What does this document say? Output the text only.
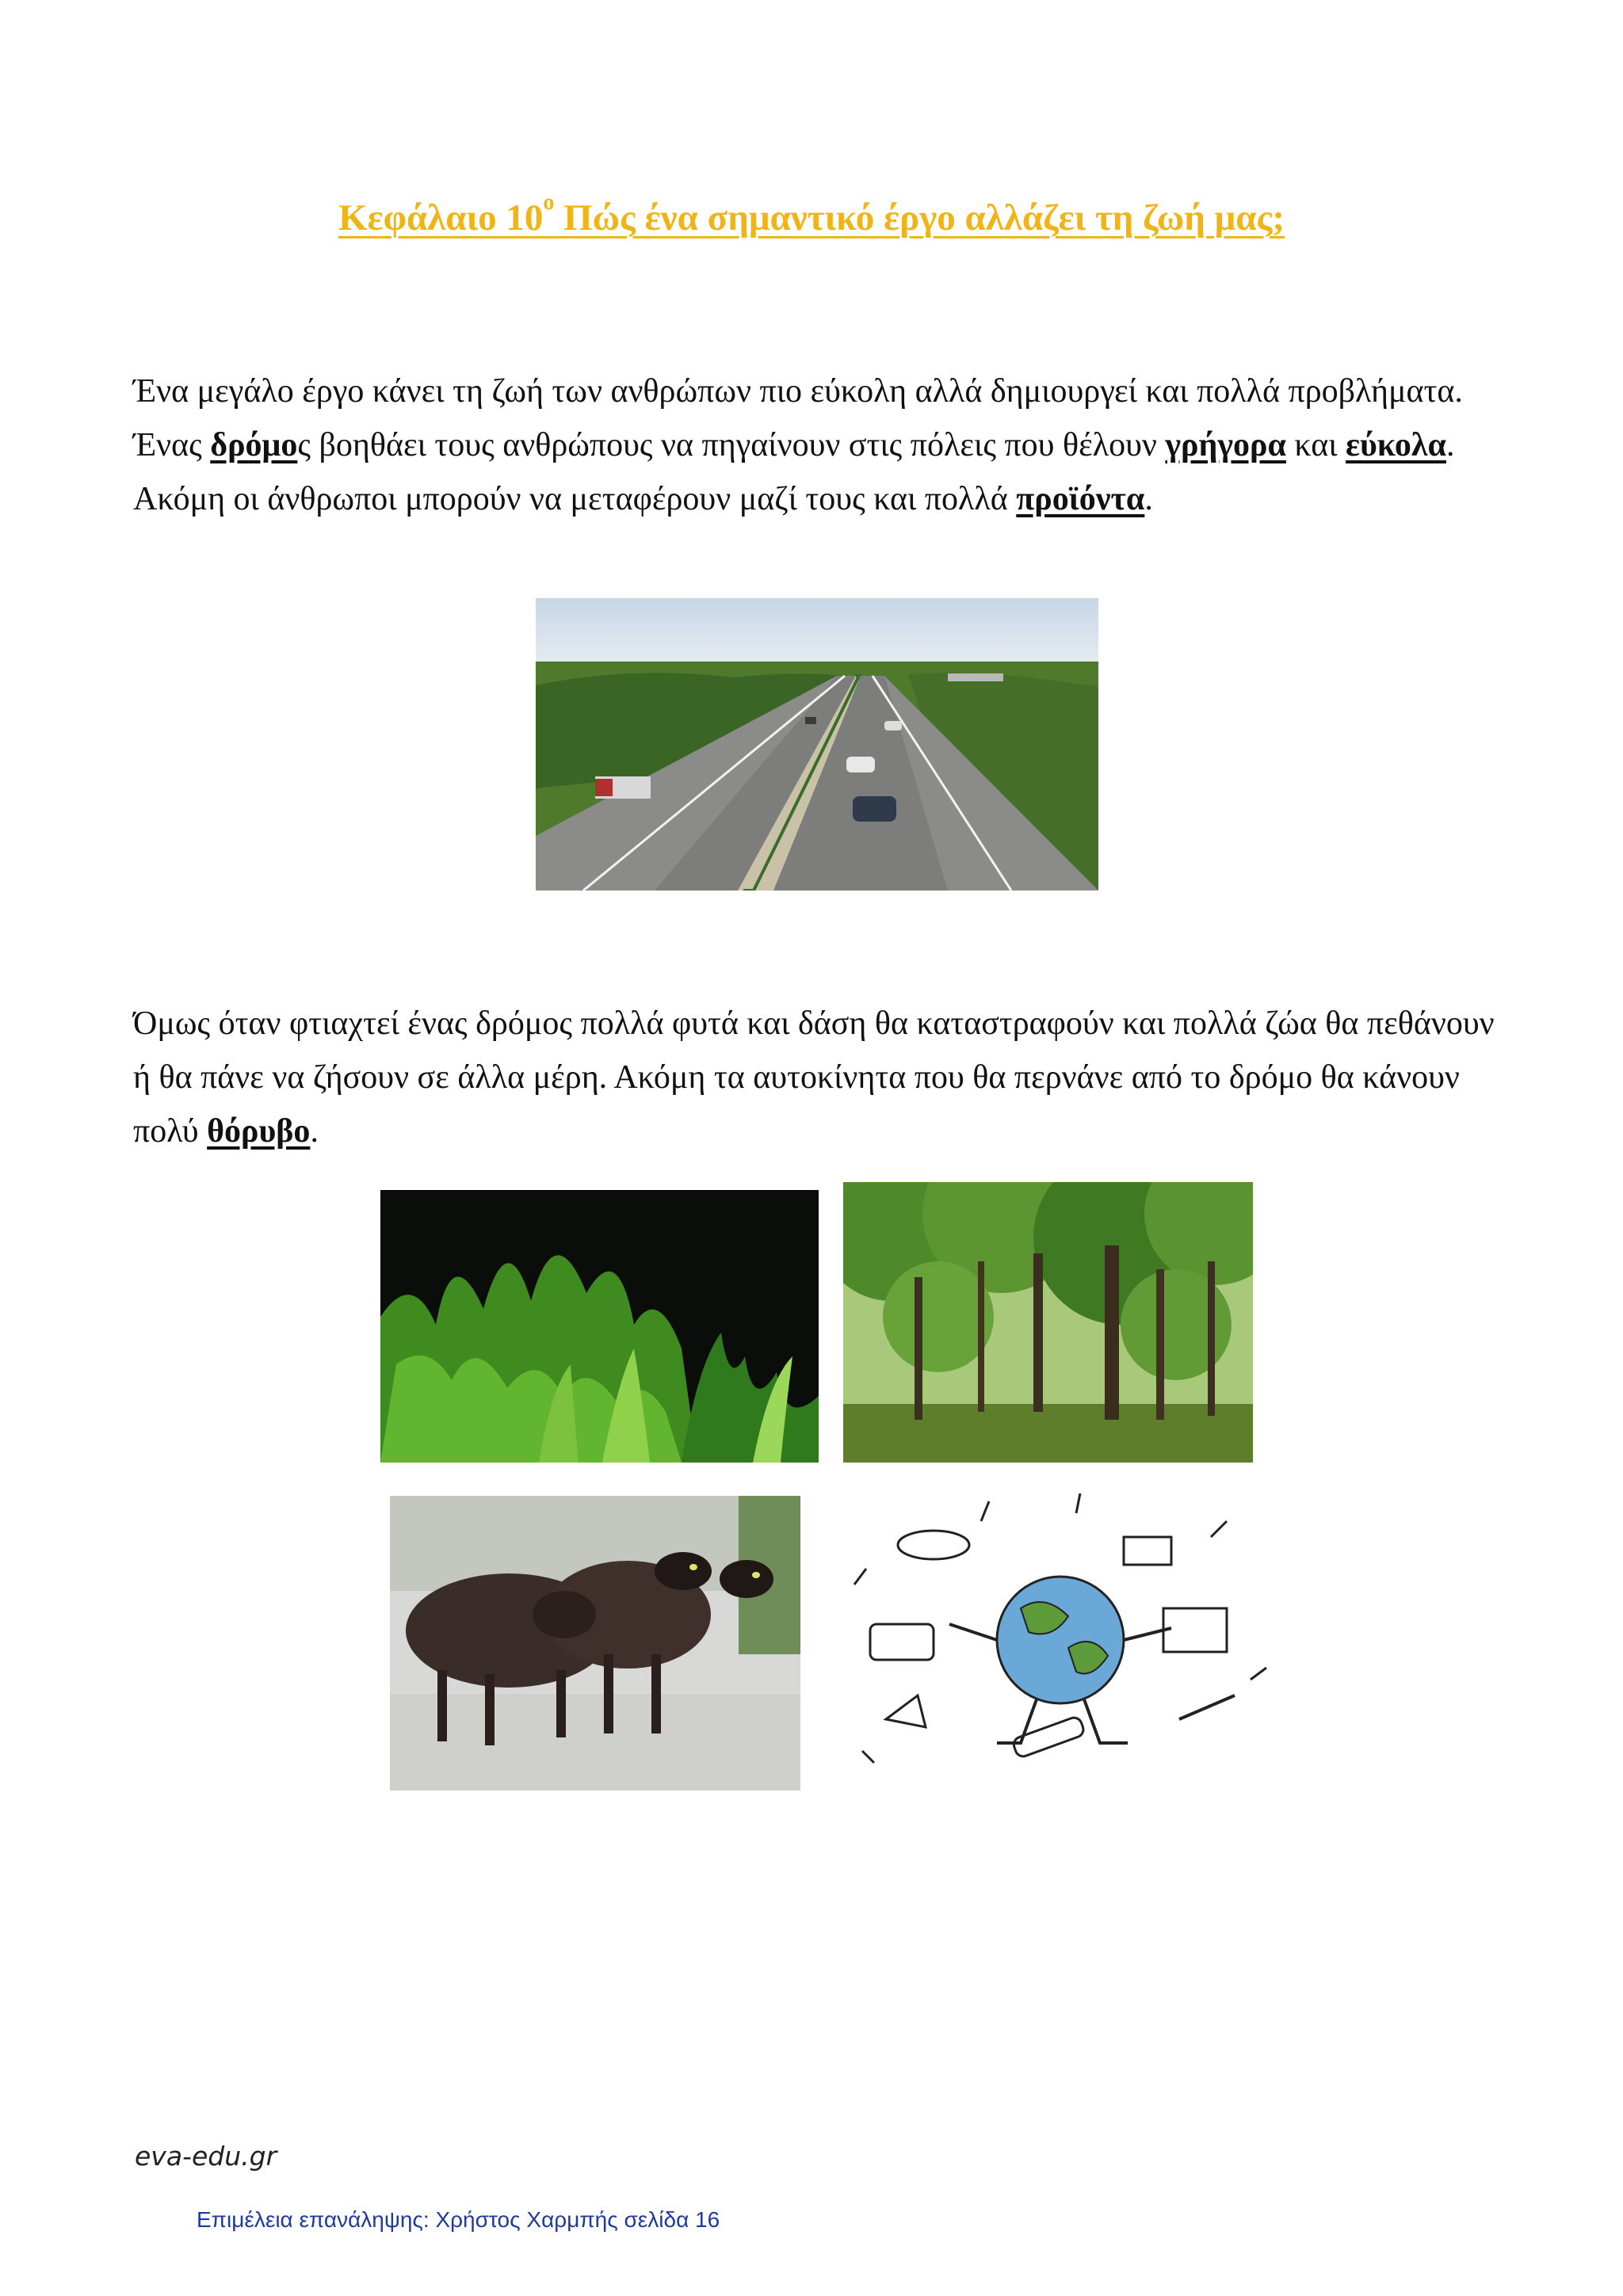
Κεφάλαιο $10^o$ Πώς ένα σημαντικό έργο αλλάζει τη ζωή μας;

Ένα μεγάλο έργο κάνει τη ζωή των ανθρώπων πιο εύκολη αλλά δημιουργεί και πολλά προβλήματα. Ένας δρόμος βοηθάει τους ανθρώπους να πηγαίνουν στις πόλεις που θέλουν γρήγορα και εύκολα. Ακόμη οι άνθρωποι μπορούν να μεταφέρουν μαζί τους και πολλά προϊόντα.

Όμως όταν φτιαχτεί ένας δρόμος πολλά φυτά και δάση θα καταστραφούν και πολλά ζώα θα πεθάνουν ή θα πάνε να ζήσουν σε άλλα μέρη. Ακόμη τα αυτοκίνητα που θα περνάνε από το δρόμο θα κάνουν πολύ θόρυβο.

eva-edu.gr
Επιμέλεια επανάληψης: Χρήστος Χαρμπής σελίδα 16
